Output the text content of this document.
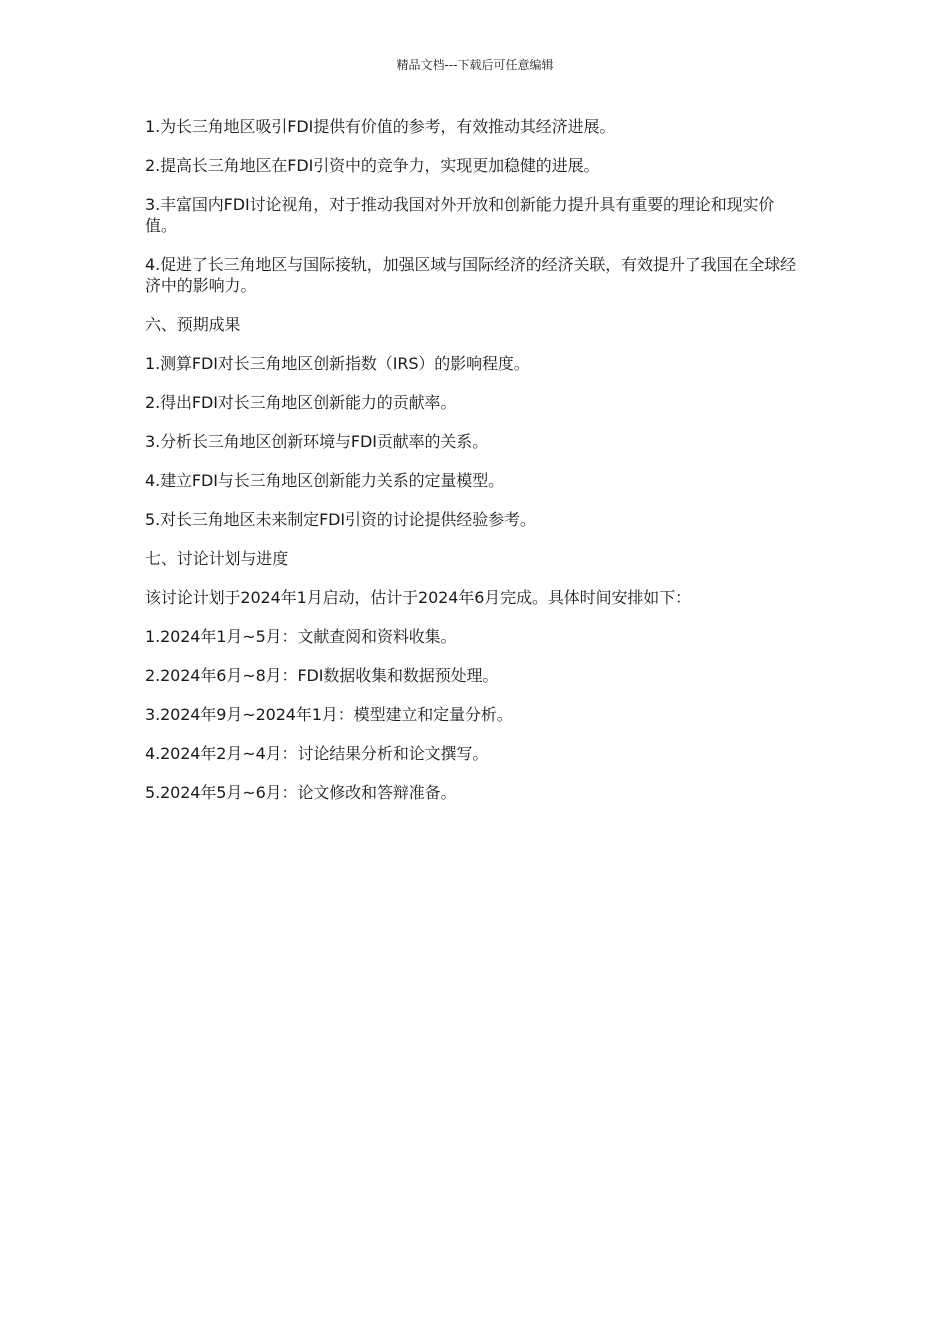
精品文档---下载后可任意编辑

1.为长三角地区吸引FDI提供有价值的参考，有效推动其经济进展。

2.提高长三角地区在FDI引资中的竞争力，实现更加稳健的进展。

3.丰富国内FDI讨论视角，对于推动我国对外开放和创新能力提升具有重要的理论和现实价值。

4.促进了长三角地区与国际接轨，加强区域与国际经济的经济关联，有效提升了我国在全球经济中的影响力。

六、预期成果

1.测算FDI对长三角地区创新指数（IRS）的影响程度。

2.得出FDI对长三角地区创新能力的贡献率。

3.分析长三角地区创新环境与FDI贡献率的关系。

4.建立FDI与长三角地区创新能力关系的定量模型。

5.对长三角地区未来制定FDI引资的讨论提供经验参考。

七、讨论计划与进度

该讨论计划于2024年1月启动，估计于2024年6月完成。具体时间安排如下：

1.2024年1月~5月：文献查阅和资料收集。

2.2024年6月~8月：FDI数据收集和数据预处理。

3.2024年9月~2024年1月：模型建立和定量分析。

4.2024年2月~4月：讨论结果分析和论文撰写。

5.2024年5月~6月：论文修改和答辩准备。
